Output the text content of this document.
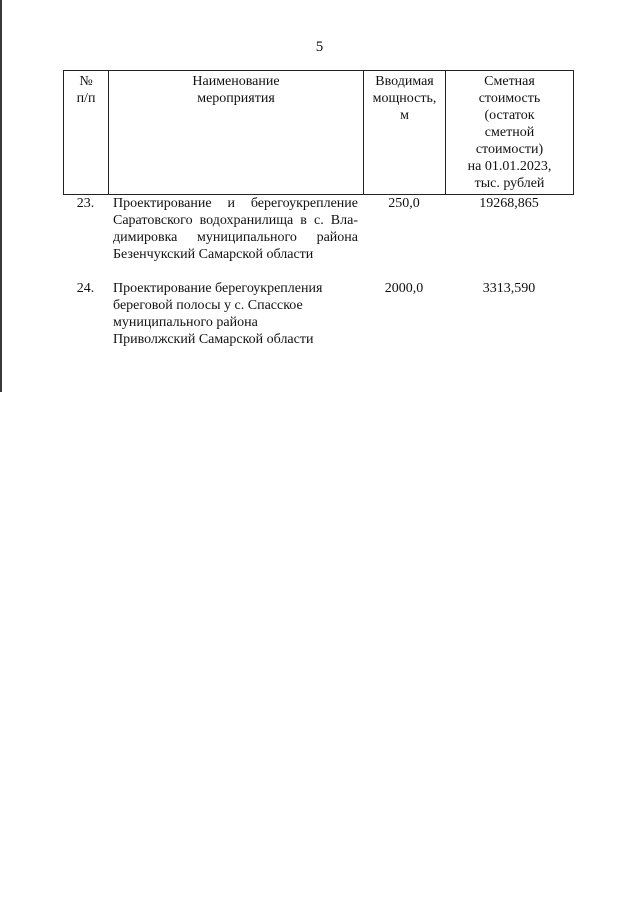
5
№
п/п

Наименование
мероприятия

Вводимая
мощность,
м

Сметная
стоимость
(остаток
сметной
стоимости)
на 01.01.2023,
тыс. рублей
23.	Проектирование и берегоукрепление
Саратовского водохранилища в с. Вла-
димировка муниципального района
Безенчукский Самарской области
250,0	19268,865
24.	Проектирование берегоукрепления
береговой полосы у с. Спасское
муниципального района
Приволжский Самарской области
2000,0	3313,590
